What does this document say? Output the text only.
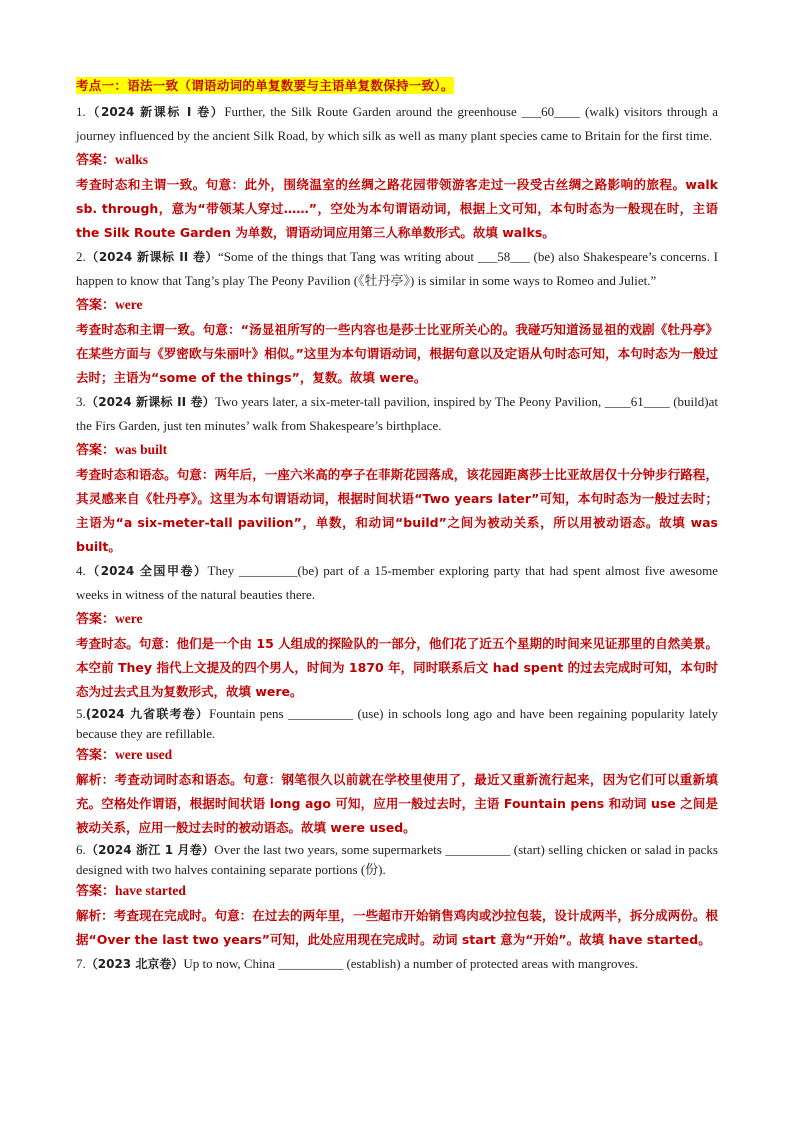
考点一：语法一致（谓语动词的单复数要与主语单复数保持一致）。
1.（2024 新课标 I 卷）Further, the Silk Route Garden around the greenhouse ___60____ (walk) visitors through a journey influenced by the ancient Silk Road, by which silk as well as many plant species came to Britain for the first time.
答案：walks
考查时态和主谓一致。句意：此外，围绕温室的丝绸之路花园带领游客走过一段受古丝绸之路影响的旅程。walk sb. through，意为“带领某人穿过……”，空处为本句谓语动词，根据上文可知，本句时态为一般现在时，主语 the Silk Route Garden 为单数，谓语动词应用第三人称单数形式。故填 walks。
2.（2024 新课标 II 卷）“Some of the things that Tang was writing about ___58___ (be) also Shakespeare’s concerns. I happen to know that Tang’s play The Peony Pavilion (《牡丹亭》) is similar in some ways to Romeo and Juliet.”
答案：were
考查时态和主谓一致。句意：“汤显祖所写的一些内容也是莎士比亚所关心的。我碰巧知道汤显祖的戏剧《牡丹亭》在某些方面与《罗密欧与朱丽叶》相似。”这里为本句谓语动词，根据句意以及定语从句时态可知，本句时态为一般过去时；主语为“some of the things”，复数。故填 were。
3.（2024 新课标 II 卷）Two years later, a six-meter-tall pavilion, inspired by The Peony Pavilion, ____61____ (build)at the Firs Garden, just ten minutes’ walk from Shakespeare’s birthplace.
答案：was built
考查时态和语态。句意：两年后，一座六米高的亭子在菲斯花园落成，该花园距离莎士比亚故居仅十分钟步行路程，其灵感来自《牡丹亭》。这里为本句谓语动词，根据时间状语“Two years later”可知，本句时态为一般过去时；主语为“a six-meter-tall pavilion”，单数，和动词“build”之间为被动关系，所以用被动语态。故填 was built。
4.（2024 全国甲卷）They _________(be) part of a 15-member exploring party that had spent almost five awesome weeks in witness of the natural beauties there.
答案：were
考查时态。句意：他们是一个由 15 人组成的探险队的一部分，他们花了近五个星期的时间来见证那里的自然美景。本空前 They 指代上文提及的四个男人，时间为 1870 年，同时联系后文 had spent 的过去完成时可知，本句时态为过去式且为复数形式，故填 were。
5.(2024 九省联考卷）Fountain pens __________ (use) in schools long ago and have been regaining popularity lately because they are refillable.
答案：were used
解析：考查动词时态和语态。句意：钢笔很久以前就在学校里使用了，最近又重新流行起来，因为它们可以重新填充。空格处作谓语，根据时间状语 long ago 可知，应用一般过去时，主语 Fountain pens 和动词 use 之间是被动关系，应用一般过去时的被动语态。故填 were used。
6.（2024 浙江 1 月卷）Over the last two years, some supermarkets __________ (start) selling chicken or salad in packs designed with two halves containing separate portions (份).
答案：have started
解析：考查现在完成时。句意：在过去的两年里，一些超市开始销售鸡肉或沙拉包装，设计成两半，拆分成两份。根据“Over the last two years”可知，此处应用现在完成时。动词 start 意为“开始”。故填 have started。
7.（2023 北京卷）Up to now, China __________ (establish) a number of protected areas with mangroves.
